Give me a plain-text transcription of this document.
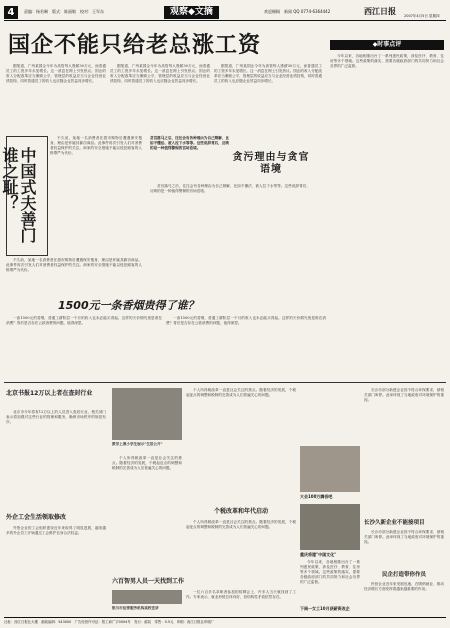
4	责编：杨若琳　版式：陈丽敏　校对：王军东	观察◆文摘	欢迎赐稿　新闻 QQ 0774-6364442	西江日报 2007年4月5日 星期四
国企不能只给老总涨工资

据报道，广州某国企今年为高管每人涨薪30万元，而普通员工的工资多年未见增长。这一消息在网上引发热议。国企的收入分配改革应当兼顾公平，管理层的收益应当与企业经营业绩挂钩，同时普通员工的收入也应随企业效益同步增长。

据报道，广州某国企今年为高管每人涨薪30万元，而普通员工的工资多年未见增长。这一消息在网上引发热议。国企的收入分配改革应当兼顾公平，管理层的收益应当与企业经营业绩挂钩，同时普通员工的收入也应随企业效益同步增长。

据报道，广州某国企今年为高管每人涨薪30万元，而普通员工的工资多年未见增长。这一消息在网上引发热议。国企的收入分配改革应当兼顾公平，管理层的收益应当与企业经营业绩挂钩，同时普通员工的收入也应随企业效益同步增长。

中国式夫善门谁之耻？

不久前，某地一名消费者在超市购物后遭遇保安搜身，理由是怀疑其偷窃商品。此事件再次引发人们对消费者权益保护的关注。商家的安全措施不能以侵犯顾客的人格尊严为代价。

不久前，某地一名消费者在超市购物后遭遇保安搜身，理由是怀疑其偷窃商品。此事件再次引发人们对消费者权益保护的关注。商家的安全措施不能以侵犯顾客的人格尊严为代价。

贪官落马之后，往往会有各种理由为自己辩解，比如不懂法、被人拉下水等等。这些说辞背后，反映的是一种值得警惕的官场语境。
贪污理由与贪官语境

贪官落马之后，往往会有各种理由为自己辩解，比如不懂法、被人拉下水等等。这些说辞背后，反映的是一种值得警惕的官场语境。

1500元一条香烟贵得了谁？

一条1500元的香烟，普通工薪阶层一个月的收入也未必能买得起。这样的天价烟究竟是谁在消费？背后是否存在公款消费的问题，值得深思。

一条1500元的香烟，普通工薪阶层一个月的收入也未必能买得起。这样的天价烟究竟是谁在消费？背后是否存在公款消费的问题，值得深思。

◆时事点评

今年以来，各地相继出台了一系列惠民政策，涉及医疗、教育、住房等多个领域。这些政策的落实，需要各级政府部门的共同努力和社会各界的广泛监督。

北京书报12万以上者在查封行业

北京市今年将有12万以上的人员进入查封行业，相关部门表示将加强对这些行业的管理和服务，确保市场秩序的规范有序。

外企工会生活领取修改

外资企业的工会组织建设近年来取得了明显进展，越来越多的外企员工开始通过工会维护自身合法权益。

教学上课小学生展示"生活公开"

个人所得税改革一直是社会关注的焦点。随着经济的发展，个税起征点的调整和税制的完善成为人们普遍关心的问题。

个人所得税改革一直是社会关注的焦点。随着经济的发展，个税起征点的调整和税制的完善成为人们普遍关心的问题。

个税改革和年代启动

个人所得税改革一直是社会关注的焦点。随着经济的发展，个税起征点的调整和税制的完善成为人们普遍关心的问题。

六百智男人员一天找到工作
银川市法律服务机构高校宣讲

一位六百多名求职者参加的招聘会上，许多人当天就找到了工作。专家表示，就业形势总体向好，但结构性矛盾依然存在。

大会100万腾吾吧
重庆将建"中国文化"

今年以来，各地相继出台了一系列惠民政策，涉及医疗、教育、住房等多个领域。这些政策的落实，需要各级政府部门的共同努力和社会各界的广泛监督。

下阀一女工10月获薪资改企

长沙市部分新建企业因不符合环保要求，被相关部门叫停。此举体现了当地政府对环境保护的重视。

长沙久新企业不能接项目

长沙市部分新建企业因不符合环保要求，被相关部门叫停。此举体现了当地政府对环境保护的重视。

民企打造带你作员

民营企业近年来发展迅速，在吸纳就业、推动经济增长方面发挥着越来越重要的作用。

社址：西江日报社大楼　邮政编码：543000　广告经营许可证：梧工商广字0004号　发行：邮局　零售：0.5元　印刷：西江日报社印刷厂
